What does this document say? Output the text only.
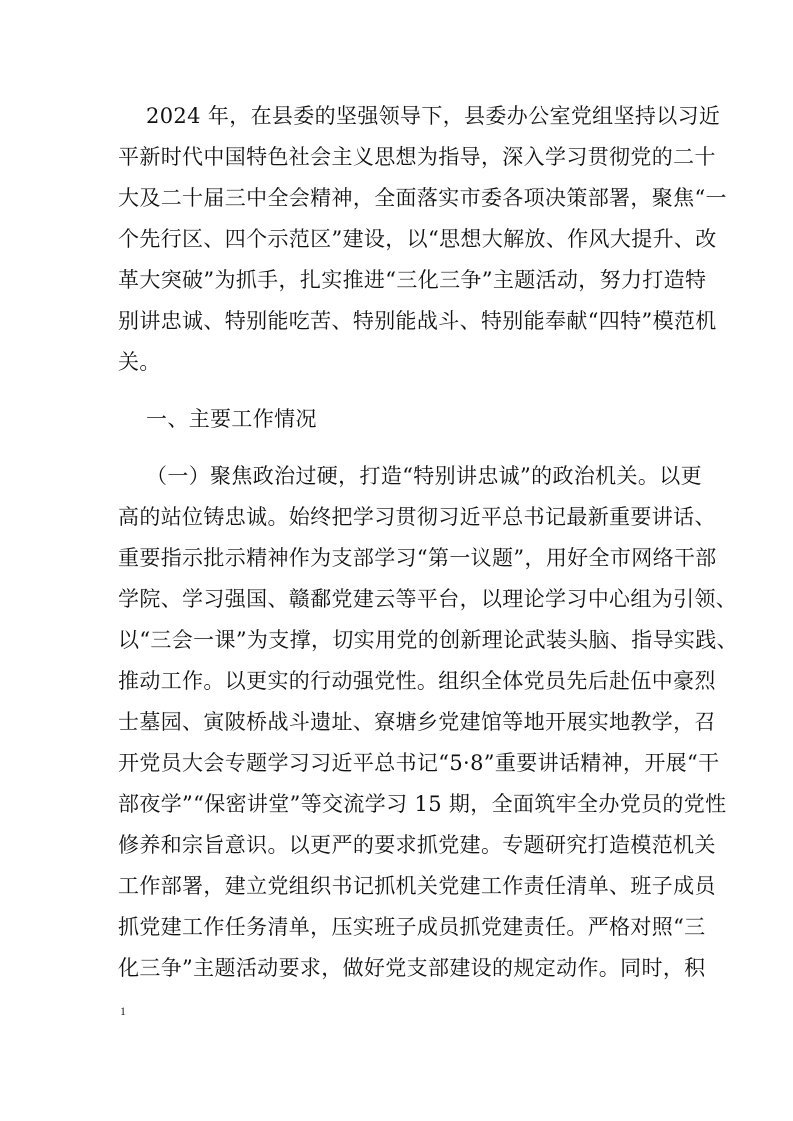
2024 年，在县委的坚强领导下，县委办公室党组坚持以习近
平新时代中国特色社会主义思想为指导，深入学习贯彻党的二十
大及二十届三中全会精神，全面落实市委各项决策部署，聚焦“一
个先行区、四个示范区”建设，以“思想大解放、作风大提升、改
革大突破”为抓手，扎实推进“三化三争”主题活动，努力打造特
别讲忠诚、特别能吃苦、特别能战斗、特别能奉献“四特”模范机
关。
一、主要工作情况
（一）聚焦政治过硬，打造“特别讲忠诚”的政治机关。以更
高的站位铸忠诚。始终把学习贯彻习近平总书记最新重要讲话、
重要指示批示精神作为支部学习“第一议题”，用好全市网络干部
学院、学习强国、赣鄱党建云等平台，以理论学习中心组为引领、
以“三会一课”为支撑，切实用党的创新理论武装头脑、指导实践、
推动工作。以更实的行动强党性。组织全体党员先后赴伍中豪烈
士墓园、寅陂桥战斗遗址、寮塘乡党建馆等地开展实地教学，召
开党员大会专题学习习近平总书记“5·8”重要讲话精神，开展“干
部夜学”“保密讲堂”等交流学习 15 期，全面筑牢全办党员的党性
修养和宗旨意识。以更严的要求抓党建。专题研究打造模范机关
工作部署，建立党组织书记抓机关党建工作责任清单、班子成员
抓党建工作任务清单，压实班子成员抓党建责任。严格对照“三
化三争”主题活动要求，做好党支部建设的规定动作。同时，积
1
